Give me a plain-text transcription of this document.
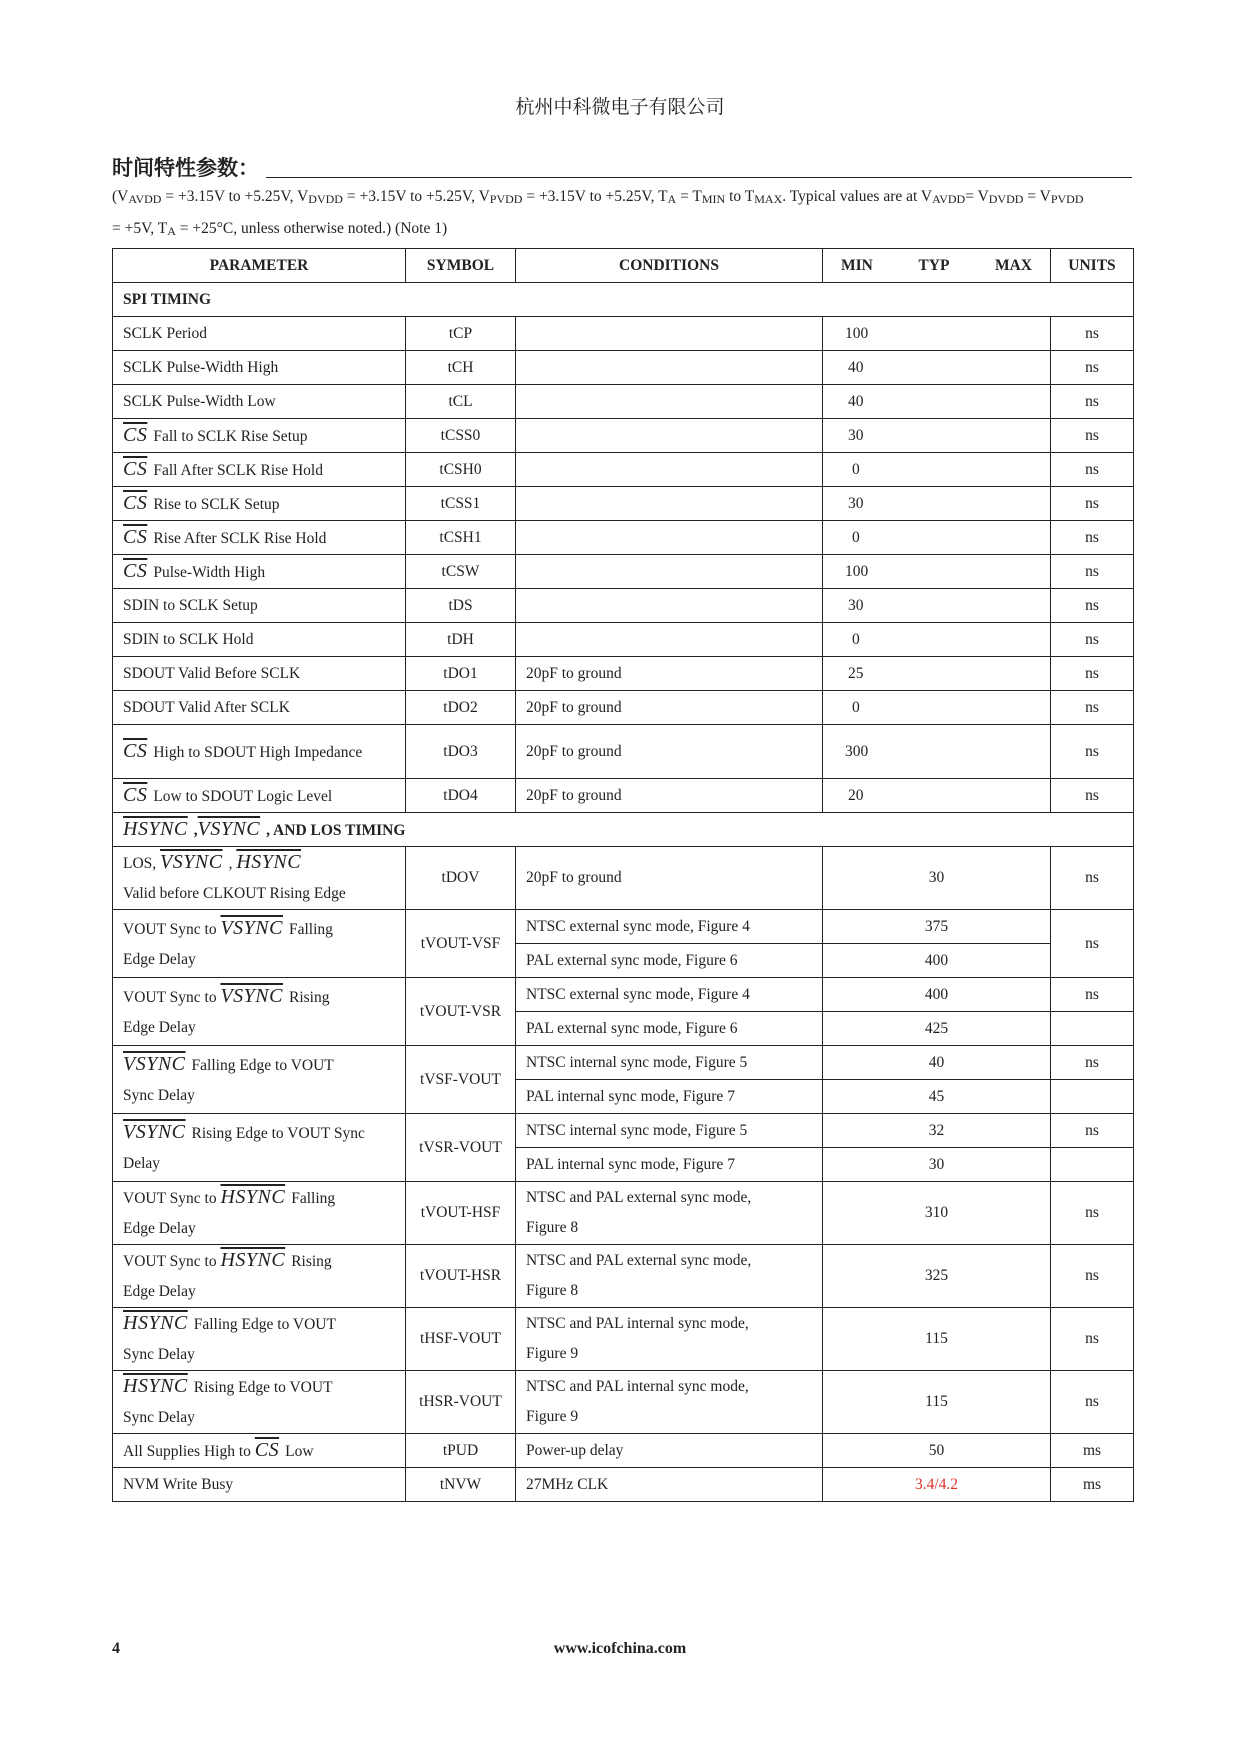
杭州中科微电子有限公司
时间特性参数：
($V_{AVDD} = +3.15V$ to +5.25V, $V_{DVDD} = +3.15V$ to +5.25V, $V_{PVDD} = +3.15V$ to +5.25V, $T_A = T_{MIN}$ to $T_{MAX}$. Typical values are at $V_{AVDD}= V_{DVDD} = V_{PVDD}$
= +5V, $T_A = +25^\circ C$, unless otherwise noted.) (Note 1)
PARAMETER	SYMBOL	CONDITIONS	MIN TYP MAX	UNITS
SPI TIMING				
SCLK Period	tCP		100	ns
SCLK Pulse-Width High	tCH		40	ns
SCLK Pulse-Width Low	tCL		40	ns
$\overline{CS}$ Fall to SCLK Rise Setup	tCSS0		30	ns
$\overline{CS}$ Fall After SCLK Rise Hold	tCSH0		0	ns
$\overline{CS}$ Rise to SCLK Setup	tCSS1		30	ns
$\overline{CS}$ Rise After SCLK Rise Hold	tCSH1		0	ns
$\overline{CS}$ Pulse-Width High	tCSW		100	ns
SDIN to SCLK Setup	tDS		30	ns
SDIN to SCLK Hold	tDH		0	ns
SDOUT Valid Before SCLK	tDO1	20pF to ground	25	ns
SDOUT Valid After SCLK	tDO2	20pF to ground	0	ns
$\overline{CS}$ High to SDOUT High Impedance	tDO3	20pF to ground	300	ns
$\overline{CS}$ Low to SDOUT Logic Level	tDO4	20pF to ground	20	ns
HSYNC ,VSYNC , AND LOS TIMING				
LOS, VSYNC , HSYNC
Valid before CLKOUT Rising Edge	tDOV	20pF to ground	30	ns
VOUT Sync to VSYNC Falling
Edge Delay	tVOUT-VSF	NTSC external sync mode, Figure 4	375	ns
		PAL external sync mode, Figure 6	400	
VOUT Sync to VSYNC Rising
Edge Delay	tVOUT-VSR	NTSC external sync mode, Figure 4	400	ns
		PAL external sync mode, Figure 6	425	
VSYNC Falling Edge to VOUT
Sync Delay	tVSF-VOUT	NTSC internal sync mode, Figure 5	40	ns
		PAL internal sync mode, Figure 7	45	
VSYNC Rising Edge to VOUT Sync
Delay	tVSR-VOUT	NTSC internal sync mode, Figure 5	32	ns
		PAL internal sync mode, Figure 7	30	
VOUT Sync to HSYNC Falling
Edge Delay	tVOUT-HSF	NTSC and PAL external sync mode,
Figure 8	310	ns
VOUT Sync to HSYNC Rising
Edge Delay	tVOUT-HSR	NTSC and PAL external sync mode,
Figure 8	325	ns
HSYNC Falling Edge to VOUT
Sync Delay	tHSF-VOUT	NTSC and PAL internal sync mode,
Figure 9	115	ns
HSYNC Rising Edge to VOUT
Sync Delay	tHSR-VOUT	NTSC and PAL internal sync mode,
Figure 9	115	ns
All Supplies High to $\overline{CS}$ Low	tPUD	Power-up delay	50	ms
NVM Write Busy	tNVW	27MHz CLK	3.4/4.2	ms
www.icofchina.com
4
